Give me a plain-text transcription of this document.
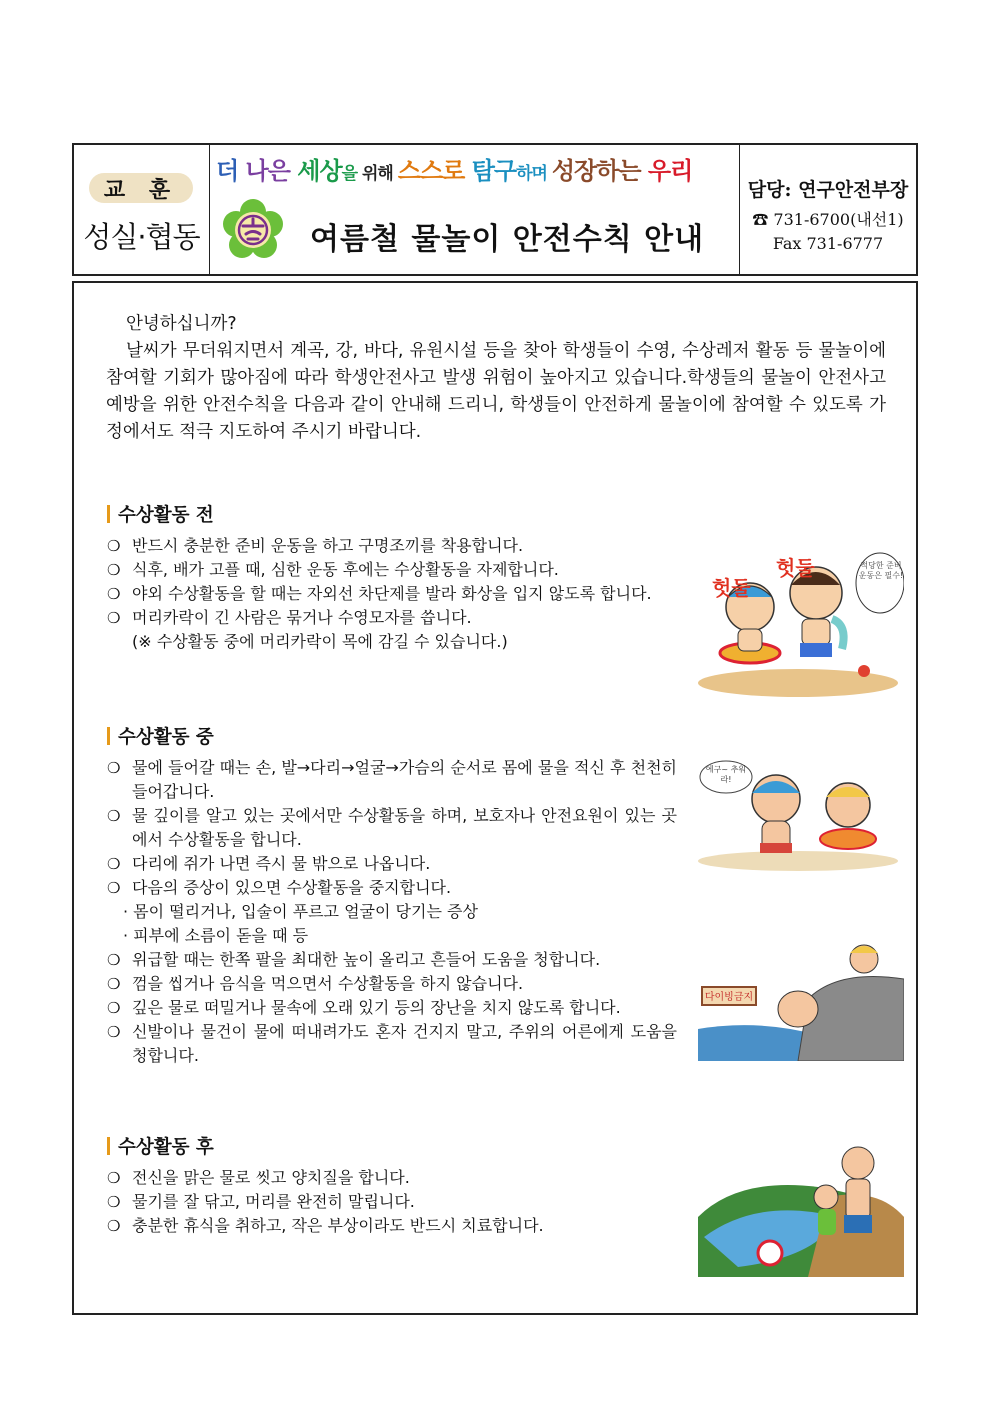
교 훈
성실·협동
더 나은 세상을 위해 스스로 탐구하며 성장하는 우리
여름철 물놀이 안전수칙 안내
담당: 연구안전부장
☎ 731-6700(내선1)
Fax 731-6777

안녕하십니까?

날씨가 무더워지면서 계곡, 강, 바다, 유원시설 등을 찾아 학생들이 수영, 수상레저 활동 등 물놀이에 참여할 기회가 많아짐에 따라 학생안전사고 발생 위험이 높아지고 있습니다.학생들의 물놀이 안전사고 예방을 위한 안전수칙을 다음과 같이 안내해 드리니, 학생들이 안전하게 물놀이에 참여할 수 있도록 가정에서도 적극 지도하여 주시기 바랍니다.

수상활동 전
❍ 반드시 충분한 준비 운동을 하고 구명조끼를 착용합니다.
❍ 식후, 배가 고플 때, 심한 운동 후에는 수상활동을 자제합니다.
❍ 야외 수상활동을 할 때는 자외선 차단제를 발라 화상을 입지 않도록 합니다.
❍ 머리카락이 긴 사람은 묶거나 수영모자를 씁니다.
(※ 수상활동 중에 머리카락이 목에 감길 수 있습니다.)
수상활동 중
❍ 물에 들어갈 때는 손, 발→다리→얼굴→가슴의 순서로 몸에 물을 적신 후 천천히 들어갑니다.
❍ 물 깊이를 알고 있는 곳에서만 수상활동을 하며, 보호자나 안전요원이 있는 곳에서 수상활동을 합니다.
❍ 다리에 쥐가 나면 즉시 물 밖으로 나옵니다.
❍ 다음의 증상이 있으면 수상활동을 중지합니다.
· 몸이 떨리거나, 입술이 푸르고 얼굴이 당기는 증상
· 피부에 소름이 돋을 때 등
❍ 위급할 때는 한쪽 팔을 최대한 높이 올리고 흔들어 도움을 청합니다.
❍ 껌을 씹거나 음식을 먹으면서 수상활동을 하지 않습니다.
❍ 깊은 물로 떠밀거나 물속에 오래 있기 등의 장난을 치지 않도록 합니다.
❍ 신발이나 물건이 물에 떠내려가도 혼자 건지지 말고, 주위의 어른에게 도움을 청합니다.
수상활동 후
❍ 전신을 맑은 물로 씻고 양치질을 합니다.
❍ 물기를 잘 닦고, 머리를 완전히 말립니다.
❍ 충분한 휴식을 취하고, 작은 부상이라도 반드시 치료합니다.
헛둘
헛둘	적당한 준비 운동은 필수!
에구~ 추워라!
다이빙금지
